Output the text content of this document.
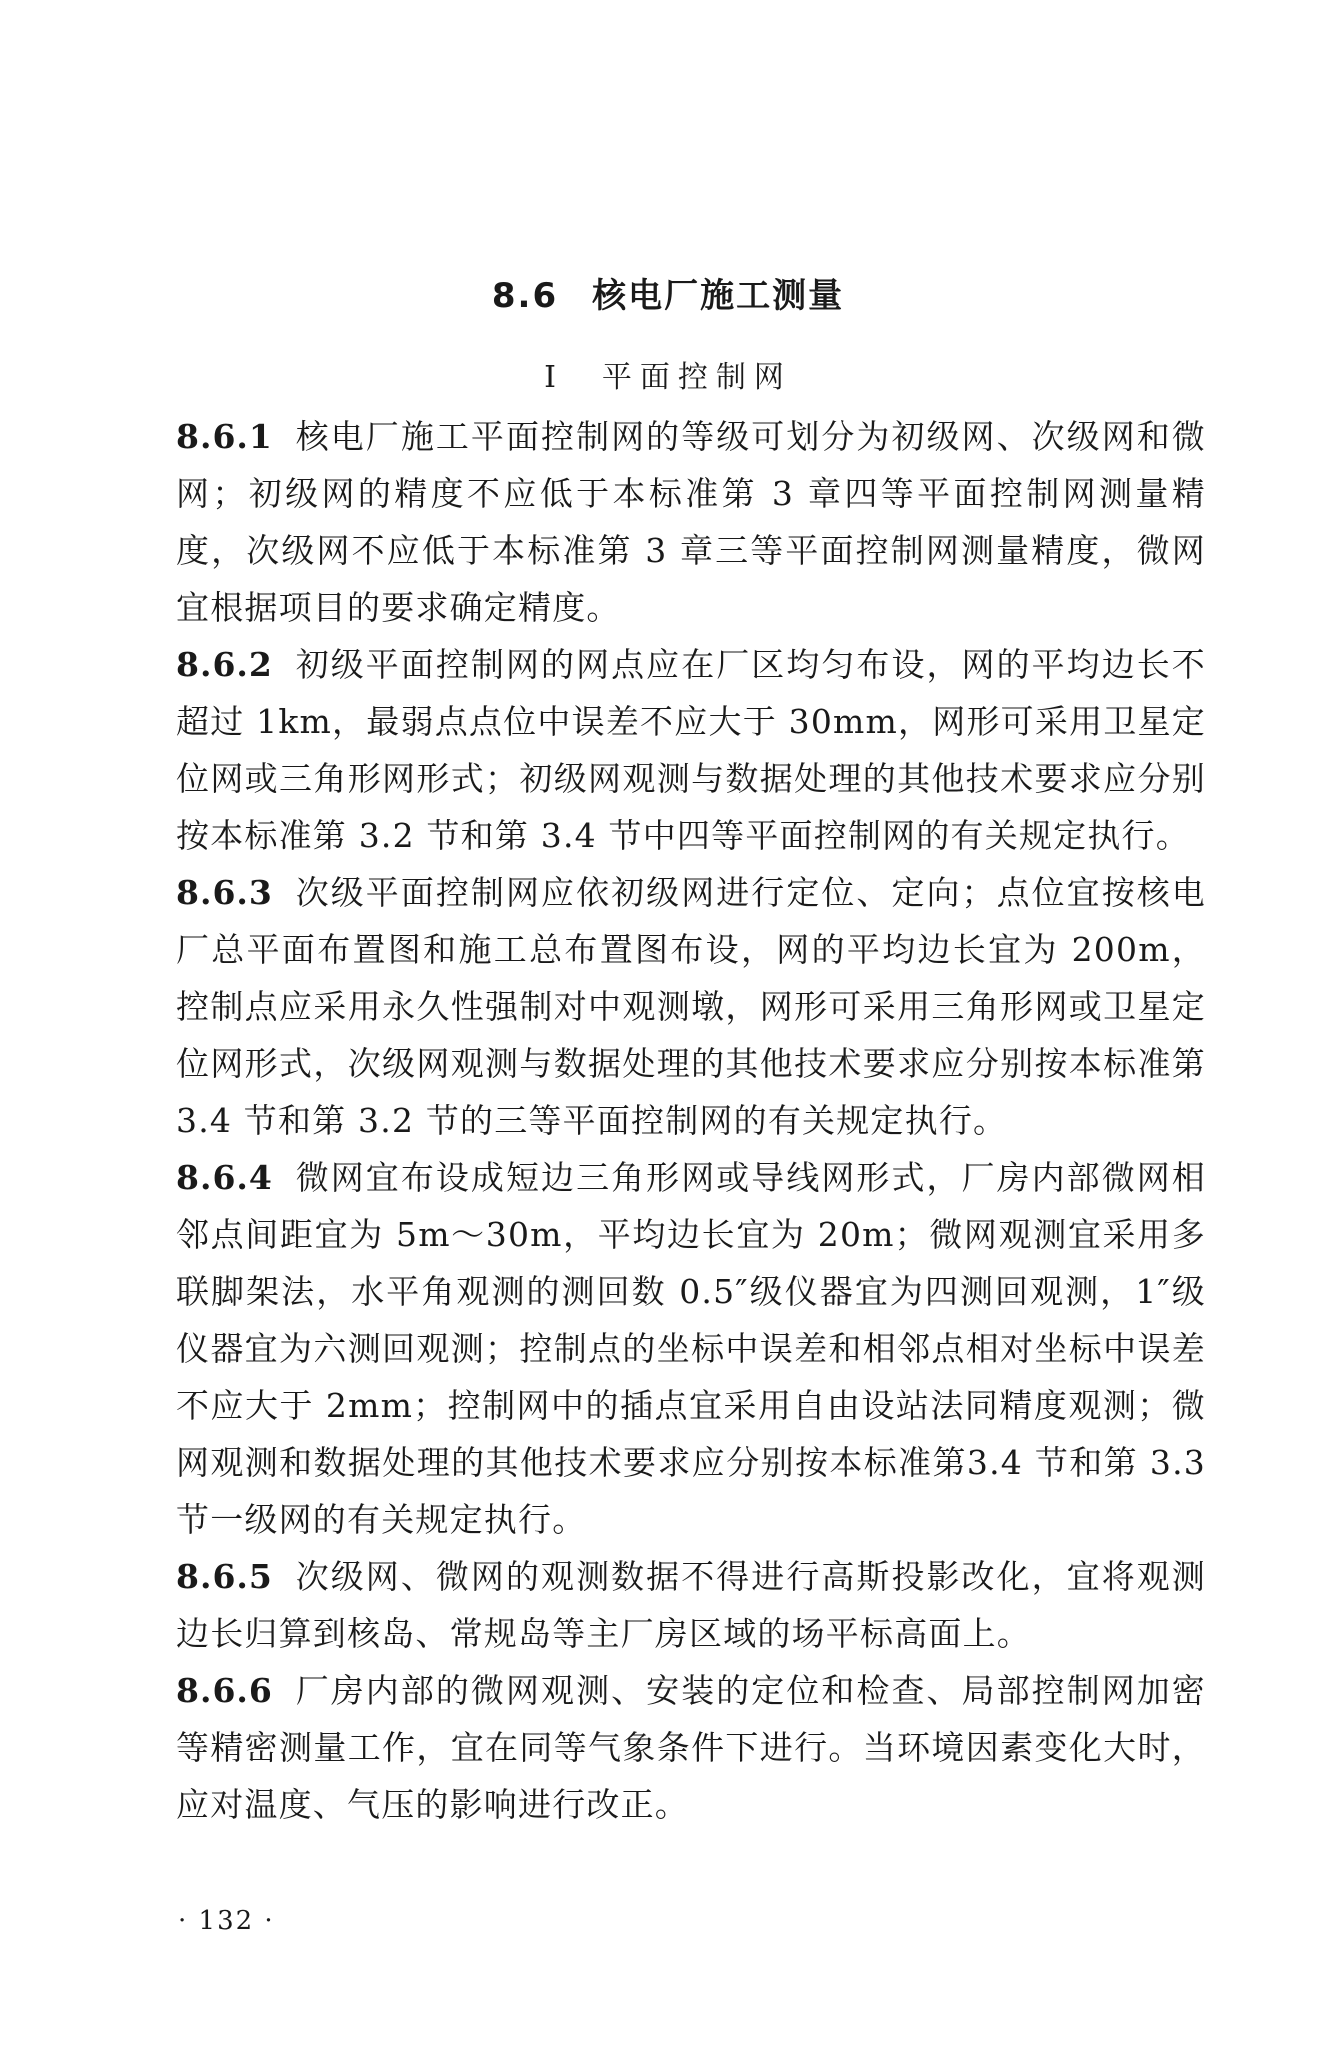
8.6 核电厂施工测量
Ⅰ 平面控制网

8.6.1 核电厂施工平面控制网的等级可划分为初级网、次级网和微网；初级网的精度不应低于本标准第 3 章四等平面控制网测量精度，次级网不应低于本标准第 3 章三等平面控制网测量精度，微网宜根据项目的要求确定精度。

8.6.2 初级平面控制网的网点应在厂区均匀布设，网的平均边长不超过 1km，最弱点点位中误差不应大于 30mm，网形可采用卫星定位网或三角形网形式；初级网观测与数据处理的其他技术要求应分别按本标准第 3.2 节和第 3.4 节中四等平面控制网的有关规定执行。

8.6.3 次级平面控制网应依初级网进行定位、定向；点位宜按核电厂总平面布置图和施工总布置图布设，网的平均边长宜为 200m，控制点应采用永久性强制对中观测墩，网形可采用三角形网或卫星定位网形式，次级网观测与数据处理的其他技术要求应分别按本标准第 3.4 节和第 3.2 节的三等平面控制网的有关规定执行。

8.6.4 微网宜布设成短边三角形网或导线网形式，厂房内部微网相邻点间距宜为 5m～30m，平均边长宜为 20m；微网观测宜采用多联脚架法，水平角观测的测回数 0.5″级仪器宜为四测回观测，1″级仪器宜为六测回观测；控制点的坐标中误差和相邻点相对坐标中误差不应大于 2mm；控制网中的插点宜采用自由设站法同精度观测；微网观测和数据处理的其他技术要求应分别按本标准第3.4 节和第 3.3 节一级网的有关规定执行。

8.6.5 次级网、微网的观测数据不得进行高斯投影改化，宜将观测边长归算到核岛、常规岛等主厂房区域的场平标高面上。

8.6.6 厂房内部的微网观测、安装的定位和检查、局部控制网加密等精密测量工作，宜在同等气象条件下进行。当环境因素变化大时，应对温度、气压的影响进行改正。

· 132 ·
